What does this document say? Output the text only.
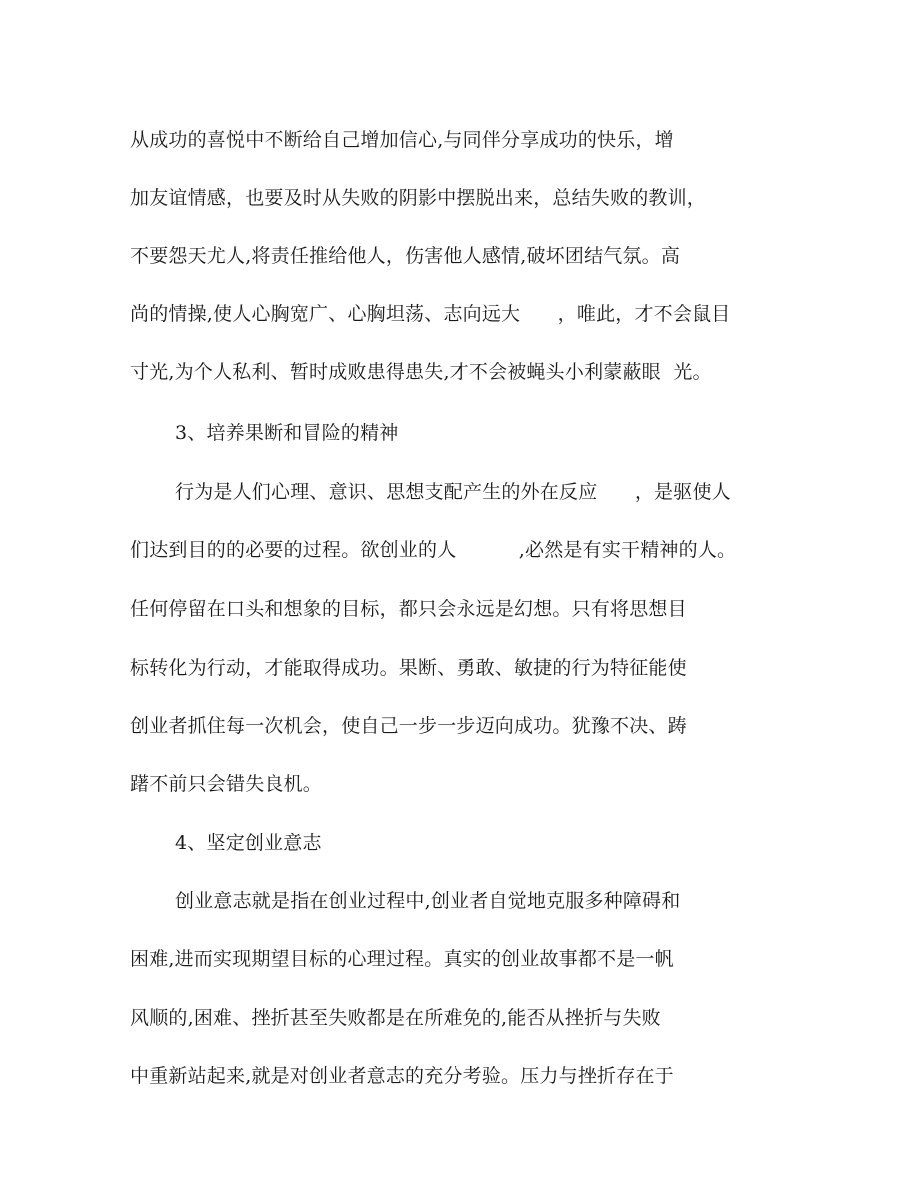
从成功的喜悦中不断给自己增加信心,与同伴分享成功的快乐，增
加友谊情感，也要及时从失败的阴影中摆脱出来，总结失败的教训，
不要怨天尤人,将责任推给他人，伤害他人感情,破坏团结气氛。高
尚的情操,使人心胸宽广、心胸坦荡、志向远大      ，唯此，才不会鼠目
寸光,为个人私利、暂时成败患得患失,才不会被蝇头小利蒙蔽眼  光。
3、培养果断和冒险的精神
行为是人们心理、意识、思想支配产生的外在反应      ，是驱使人
们达到目的的必要的过程。欲创业的人          ,必然是有实干精神的人。
任何停留在口头和想象的目标，都只会永远是幻想。只有将思想目
标转化为行动，才能取得成功。果断、勇敢、敏捷的行为特征能使
创业者抓住每一次机会，使自己一步一步迈向成功。犹豫不决、踌
躇不前只会错失良机。
4、坚定创业意志
创业意志就是指在创业过程中,创业者自觉地克服多种障碍和
困难,进而实现期望目标的心理过程。真实的创业故事都不是一帆
风顺的,困难、挫折甚至失败都是在所难免的,能否从挫折与失败
中重新站起来,就是对创业者意志的充分考验。压力与挫折存在于
